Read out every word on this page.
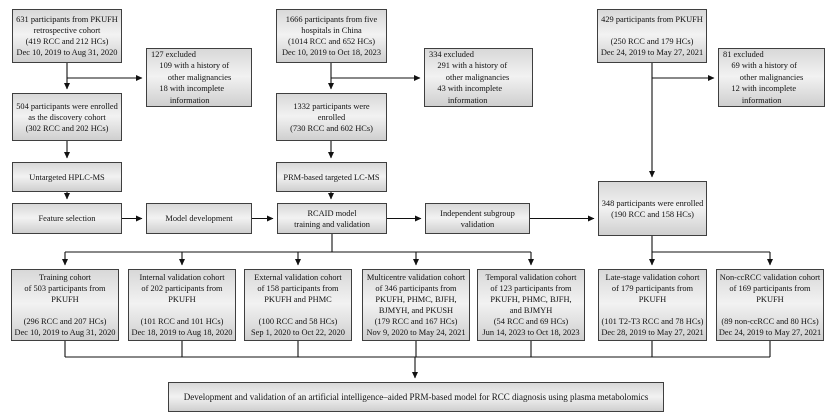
631 participants from PKUFH
retrospective cohort
(419 RCC and 212 HCs)
Dec 10, 2019 to Aug 31, 2020	127 excluded
109 with a history of
other malignancies
18 with incomplete
information
1666 participants from five
hospitals in China
(1014 RCC and 652 HCs)
Dec 10, 2019 to Oct 18, 2023	334 excluded
291 with a history of
other malignancies
43 with incomplete
information
429 participants from PKUFH
(250 RCC and 179 HCs)
Dec 24, 2019 to May 27, 2021 81 excluded
69 with a history of
other malignancies
12 with incomplete
information
504 participants were enrolled
as the discovery cohort
(302 RCC and 202 HCs)
1332 participants were
enrolled
(730 RCC and 602 HCs)
Untargeted HPLC-MS	PRM-based targeted LC-MS
Feature selection	Model development
RCAID model
training and validation
Independent subgroup
validation
348 participants were enrolled
(190 RCC and 158 HCs)
Training cohort
of 503 participants from
PKUFH
(296 RCC and 207 HCs)
Dec 10, 2019 to Aug 31, 2020
Internal validation cohort
of 202 participants from
PKUFH
(101 RCC and 101 HCs)
Dec 18, 2019 to Aug 18, 2020
External validation cohort
of 158 participants from
PKUFH and PHMC
(100 RCC and 58 HCs)
Sep 1, 2020 to Oct 22, 2020
Multicentre validation cohort
of 346 participants from
PKUFH, PHMC, BJFH,
BJMYH, and PKUSH
(179 RCC and 167 HCs)
Nov 9, 2020 to May 24, 2021
Temporal validation cohort
of 123 participants from
PKUFH, PHMC, BJFH,
and BJMYH
(54 RCC and 69 HCs)
Jun 14, 2023 to Oct 18, 2023
Late-stage validation cohort
of 179 participants from
PKUFH
(101 T2-T3 RCC and 78 HCs)
Dec 28, 2019 to May 27, 2021
Non-ccRCC validation cohort
of 169 participants from
PKUFH
(89 non-ccRCC and 80 HCs)
Dec 24, 2019 to May 27, 2021
Development and validation of an artificial intelligence–aided PRM-based model for RCC diagnosis using plasma metabolomics
